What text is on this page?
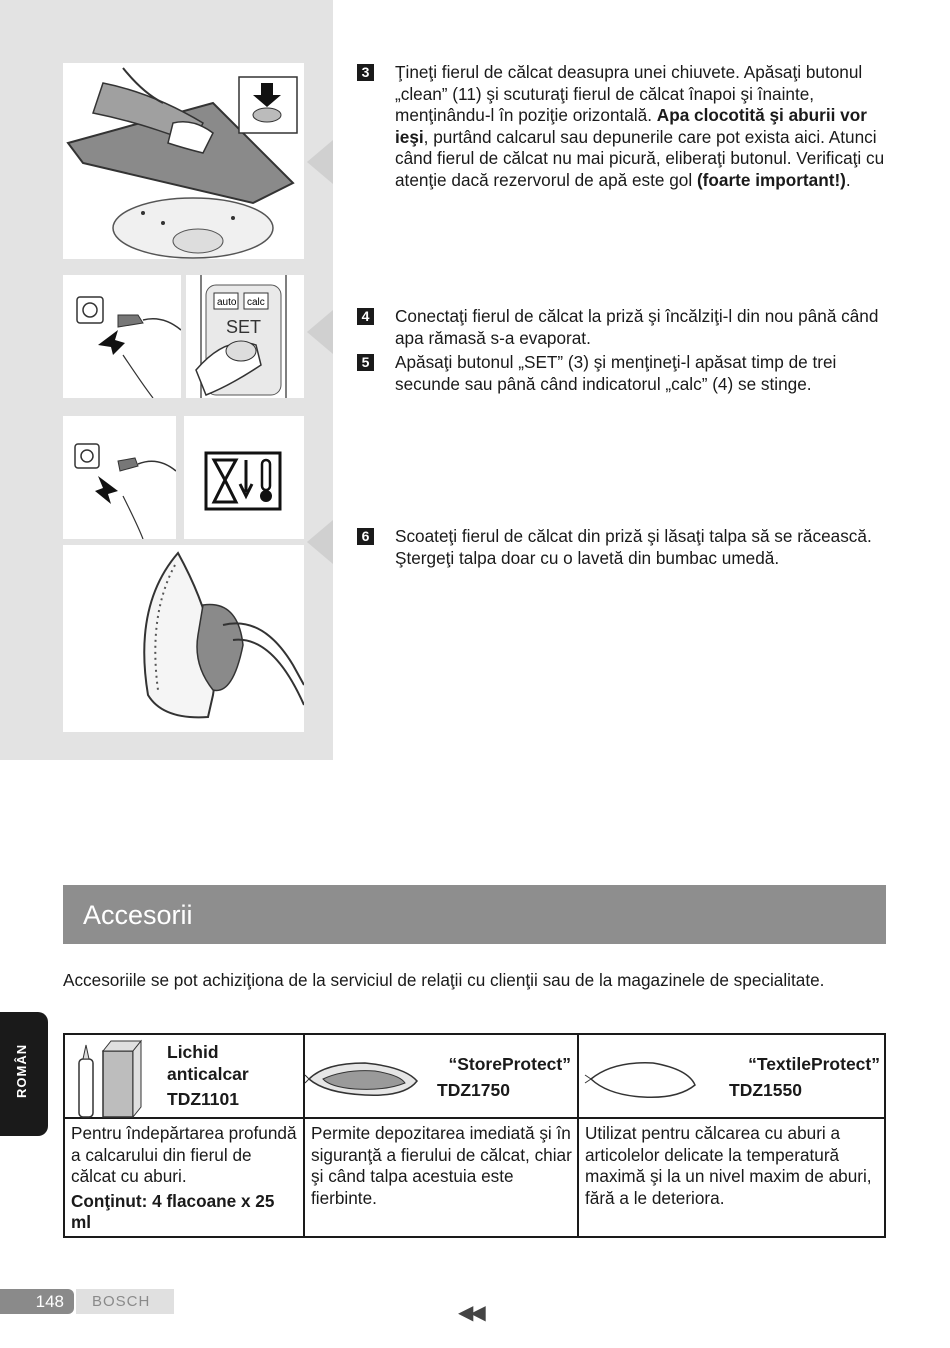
auto calc
SET
3 Ţineţi fierul de călcat deasupra unei chiuvete. Apăsaţi butonul „clean” (11) şi scuturaţi fierul de călcat înapoi şi înainte, menţinându-l în poziţie orizontală. Apa clocotită şi aburii vor ieşi, purtând calcarul sau depunerile care pot exista aici. Atunci când fierul de călcat nu mai picură, eliberaţi butonul. Verificaţi cu atenţie dacă rezervorul de apă este gol (foarte important!).
4 Conectaţi fierul de călcat la priză şi încălziţi-l din nou până când apa rămasă s-a evaporat.
5 Apăsaţi butonul „SET” (3) şi menţineţi-l apăsat timp de trei secunde sau până când indicatorul „calc” (4) se stinge.
6 Scoateţi fierul de călcat din priză şi lăsaţi talpa să se răcească. Ştergeţi talpa doar cu o lavetă din bumbac umedă.
Accesorii
Accesoriile se pot achiziţiona de la serviciul de relaţii cu clienţii sau de la magazinele de specialitate.
Lichid
anticalcar
TDZ1101
Pentru îndepărtarea profundă a calcarului din fierul de călcat cu aburi.
Conţinut: 4 flacoane x 25 ml
“StoreProtect”
TDZ1750
Permite depozitarea imediată şi în siguranţă a fierului de călcat, chiar şi când talpa acestuia este fierbinte.
“TextileProtect”
TDZ1550
Utilizat pentru călcarea cu aburi a articolelor delicate la temperatură maximă şi la un nivel maxim de aburi, fără a le deteriora.
ROMÂN
148	BOSCH
◀◀
